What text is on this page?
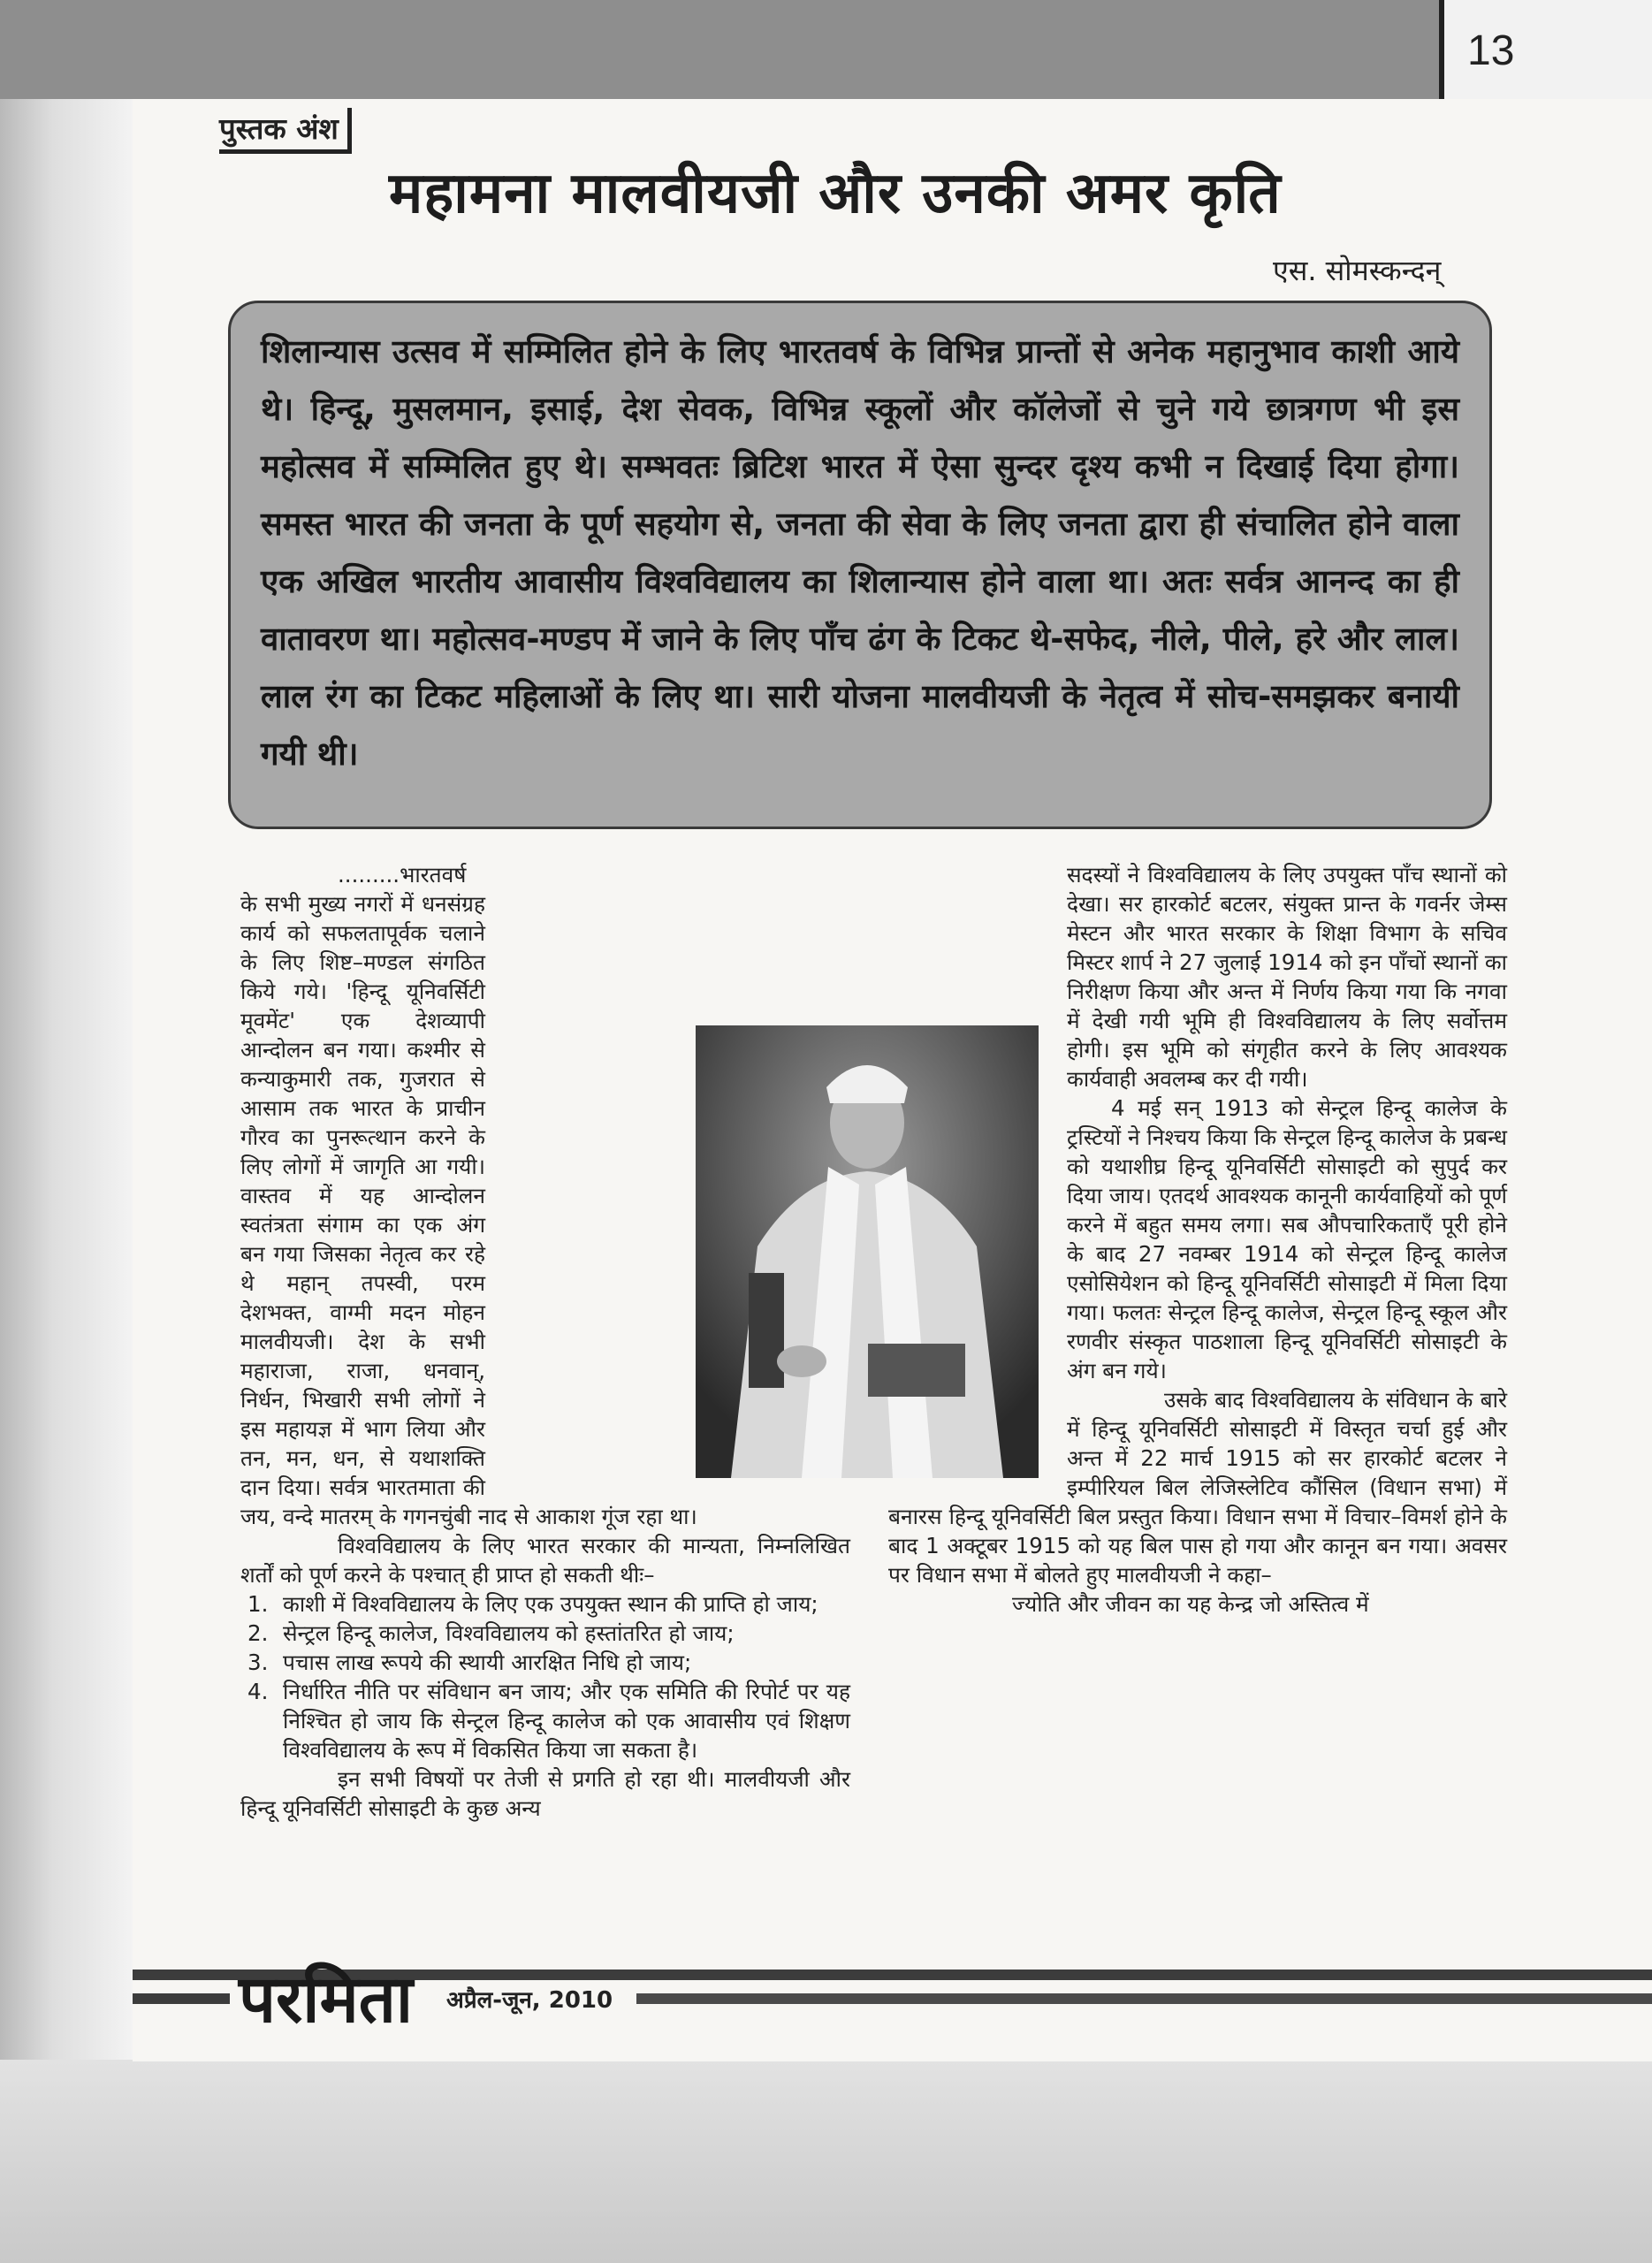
13
पुस्तक अंश
महामना मालवीयजी और उनकी अमर कृति
एस. सोमस्कन्दन्

शिलान्यास उत्सव में सम्मिलित होने के लिए भारतवर्ष के विभिन्न प्रान्तों से अनेक महानुभाव काशी आये थे। हिन्दू, मुसलमान, इसाई, देश सेवक, विभिन्न स्कूलों और कॉलेजों से चुने गये छात्रगण भी इस महोत्सव में सम्मिलित हुए थे। सम्भवतः ब्रिटिश भारत में ऐसा सुन्दर दृश्य कभी न दिखाई दिया होगा। समस्त भारत की जनता के पूर्ण सहयोग से, जनता की सेवा के लिए जनता द्वारा ही संचालित होने वाला एक अखिल भारतीय आवासीय विश्वविद्यालय का शिलान्यास होने वाला था। अतः सर्वत्र आनन्द का ही वातावरण था। महोत्सव-मण्डप में जाने के लिए पाँच ढंग के टिकट थे-सफेद, नीले, पीले, हरे और लाल। लाल रंग का टिकट महिलाओं के लिए था। सारी योजना मालवीयजी के नेतृत्व में सोच-समझकर बनायी गयी थी।

.........भारतवर्ष के सभी मुख्य नगरों में धनसंग्रह कार्य को सफलतापूर्वक चलाने के लिए शिष्ट–मण्डल संगठित किये गये। 'हिन्दू यूनिवर्सिटी मूवमेंट' एक देशव्यापी आन्दोलन बन गया। कश्मीर से कन्याकुमारी तक, गुजरात से आसाम तक भारत के प्राचीन गौरव का पुनरूत्थान करने के लिए लोगों में जागृति आ गयी। वास्तव में यह आन्दोलन स्वतंत्रता संगाम का एक अंग बन गया जिसका नेतृत्व कर रहे थे महान् तपस्वी, परम देशभक्त, वाग्मी मदन मोहन मालवीयजी। देश के सभी महाराजा, राजा, धनवान्, निर्धन, भिखारी सभी लोगों ने इस महायज्ञ में भाग लिया और तन, मन, धन, से यथाशक्ति दान दिया। सर्वत्र भारतमाता की जय, वन्दे मातरम् के गगनचुंबी नाद से आकाश गूंज रहा था।

विश्वविद्यालय के लिए भारत सरकार की मान्यता, निम्नलिखित शर्तों को पूर्ण करने के पश्चात् ही प्राप्त हो सकती थीः–

1. काशी में विश्वविद्यालय के लिए एक उपयुक्त स्थान की प्राप्ति हो जाय;
2. सेन्ट्रल हिन्दू कालेज, विश्वविद्यालय को हस्तांतरित हो जाय;
3. पचास लाख रूपये की स्थायी आरक्षित निधि हो जाय;
4. निर्धारित नीति पर संविधान बन जाय; और एक समिति की रिपोर्ट पर यह निश्चित हो जाय कि सेन्ट्रल हिन्दू कालेज को एक आवासीय एवं शिक्षण विश्वविद्यालय के रूप में विकसित किया जा सकता है।

इन सभी विषयों पर तेजी से प्रगति हो रहा थी। मालवीयजी और हिन्दू यूनिवर्सिटी सोसाइटी के कुछ अन्य

सदस्यों ने विश्वविद्यालय के लिए उपयुक्त पाँच स्थानों को देखा। सर हारकोर्ट बटलर, संयुक्त प्रान्त के गवर्नर जेम्स मेस्टन और भारत सरकार के शिक्षा विभाग के सचिव मिस्टर शार्प ने 27 जुलाई 1914 को इन पाँचों स्थानों का निरीक्षण किया और अन्त में निर्णय किया गया कि नगवा में देखी गयी भूमि ही विश्वविद्यालय के लिए सर्वोत्तम होगी। इस भूमि को संगृहीत करने के लिए आवश्यक कार्यवाही अवलम्ब कर दी गयी।

4 मई सन् 1913 को सेन्ट्रल हिन्दू कालेज के ट्रस्टियों ने निश्चय किया कि सेन्ट्रल हिन्दू कालेज के प्रबन्ध को यथाशीघ्र हिन्दू यूनिवर्सिटी सोसाइटी को सुपुर्द कर दिया जाय। एतदर्थ आवश्यक कानूनी कार्यवाहियों को पूर्ण करने में बहुत समय लगा। सब औपचारिकताएँ पूरी होने के बाद 27 नवम्बर 1914 को सेन्ट्रल हिन्दू कालेज एसोसियेशन को हिन्दू यूनिवर्सिटी सोसाइटी में मिला दिया गया। फलतः सेन्ट्रल हिन्दू कालेज, सेन्ट्रल हिन्दू स्कूल और रणवीर संस्कृत पाठशाला हिन्दू यूनिवर्सिटी सोसाइटी के अंग बन गये।

उसके बाद विश्वविद्यालय के संविधान के बारे में हिन्दू यूनिवर्सिटी सोसाइटी में विस्तृत चर्चा हुई और अन्त में 22 मार्च 1915 को सर हारकोर्ट बटलर ने इम्पीरियल बिल लेजिस्लेटिव कौंसिल (विधान सभा) में बनारस हिन्दू यूनिवर्सिटी बिल प्रस्तुत किया। विधान सभा में विचार–विमर्श होने के बाद 1 अक्टूबर 1915 को यह बिल पास हो गया और कानून बन गया। अवसर पर विधान सभा में बोलते हुए मालवीयजी ने कहा–

ज्योति और जीवन का यह केन्द्र जो अस्तित्व में

परमिता अप्रैल-जून, 2010
